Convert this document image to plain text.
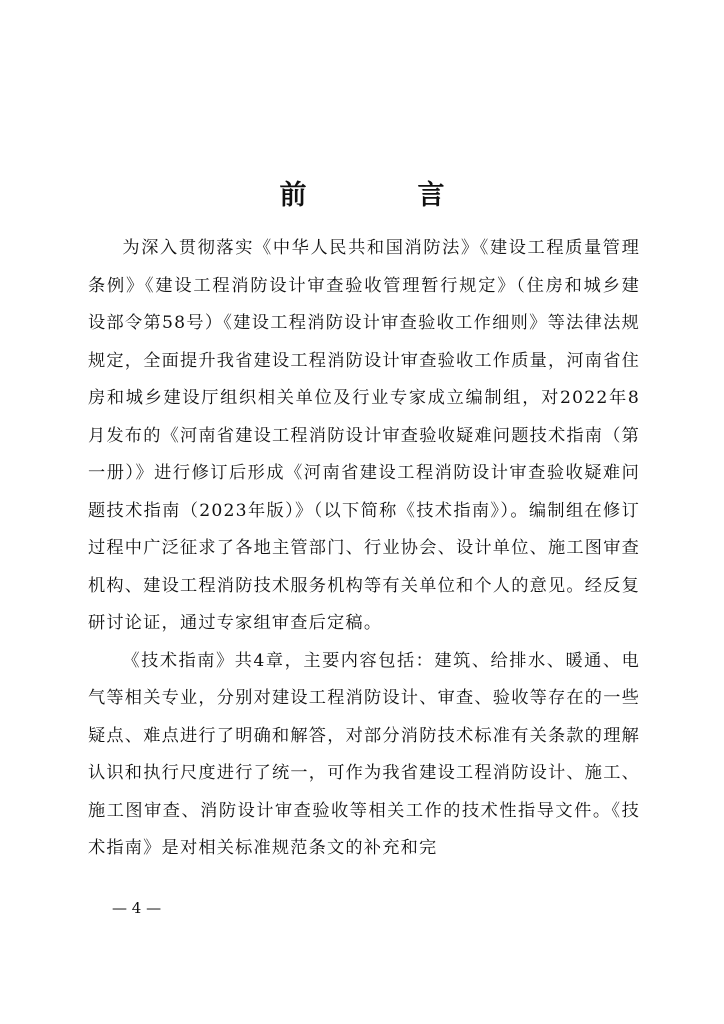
前　言

为深入贯彻落实《中华人民共和国消防法》《建设工程质量管理条例》《建设工程消防设计审查验收管理暂行规定》（住房和城乡建设部令第58号）《建设工程消防设计审查验收工作细则》等法律法规规定，全面提升我省建设工程消防设计审查验收工作质量，河南省住房和城乡建设厅组织相关单位及行业专家成立编制组，对2022年8月发布的《河南省建设工程消防设计审查验收疑难问题技术指南（第一册）》进行修订后形成《河南省建设工程消防设计审查验收疑难问题技术指南（2023年版）》（以下简称《技术指南》）。编制组在修订过程中广泛征求了各地主管部门、行业协会、设计单位、施工图审查机构、建设工程消防技术服务机构等有关单位和个人的意见。经反复研讨论证，通过专家组审查后定稿。

《技术指南》共4章，主要内容包括：建筑、给排水、暖通、电气等相关专业，分别对建设工程消防设计、审查、验收等存在的一些疑点、难点进行了明确和解答，对部分消防技术标准有关条款的理解认识和执行尺度进行了统一，可作为我省建设工程消防设计、施工、施工图审查、消防设计审查验收等相关工作的技术性指导文件。《技术指南》是对相关标准规范条文的补充和完

— 4 —
